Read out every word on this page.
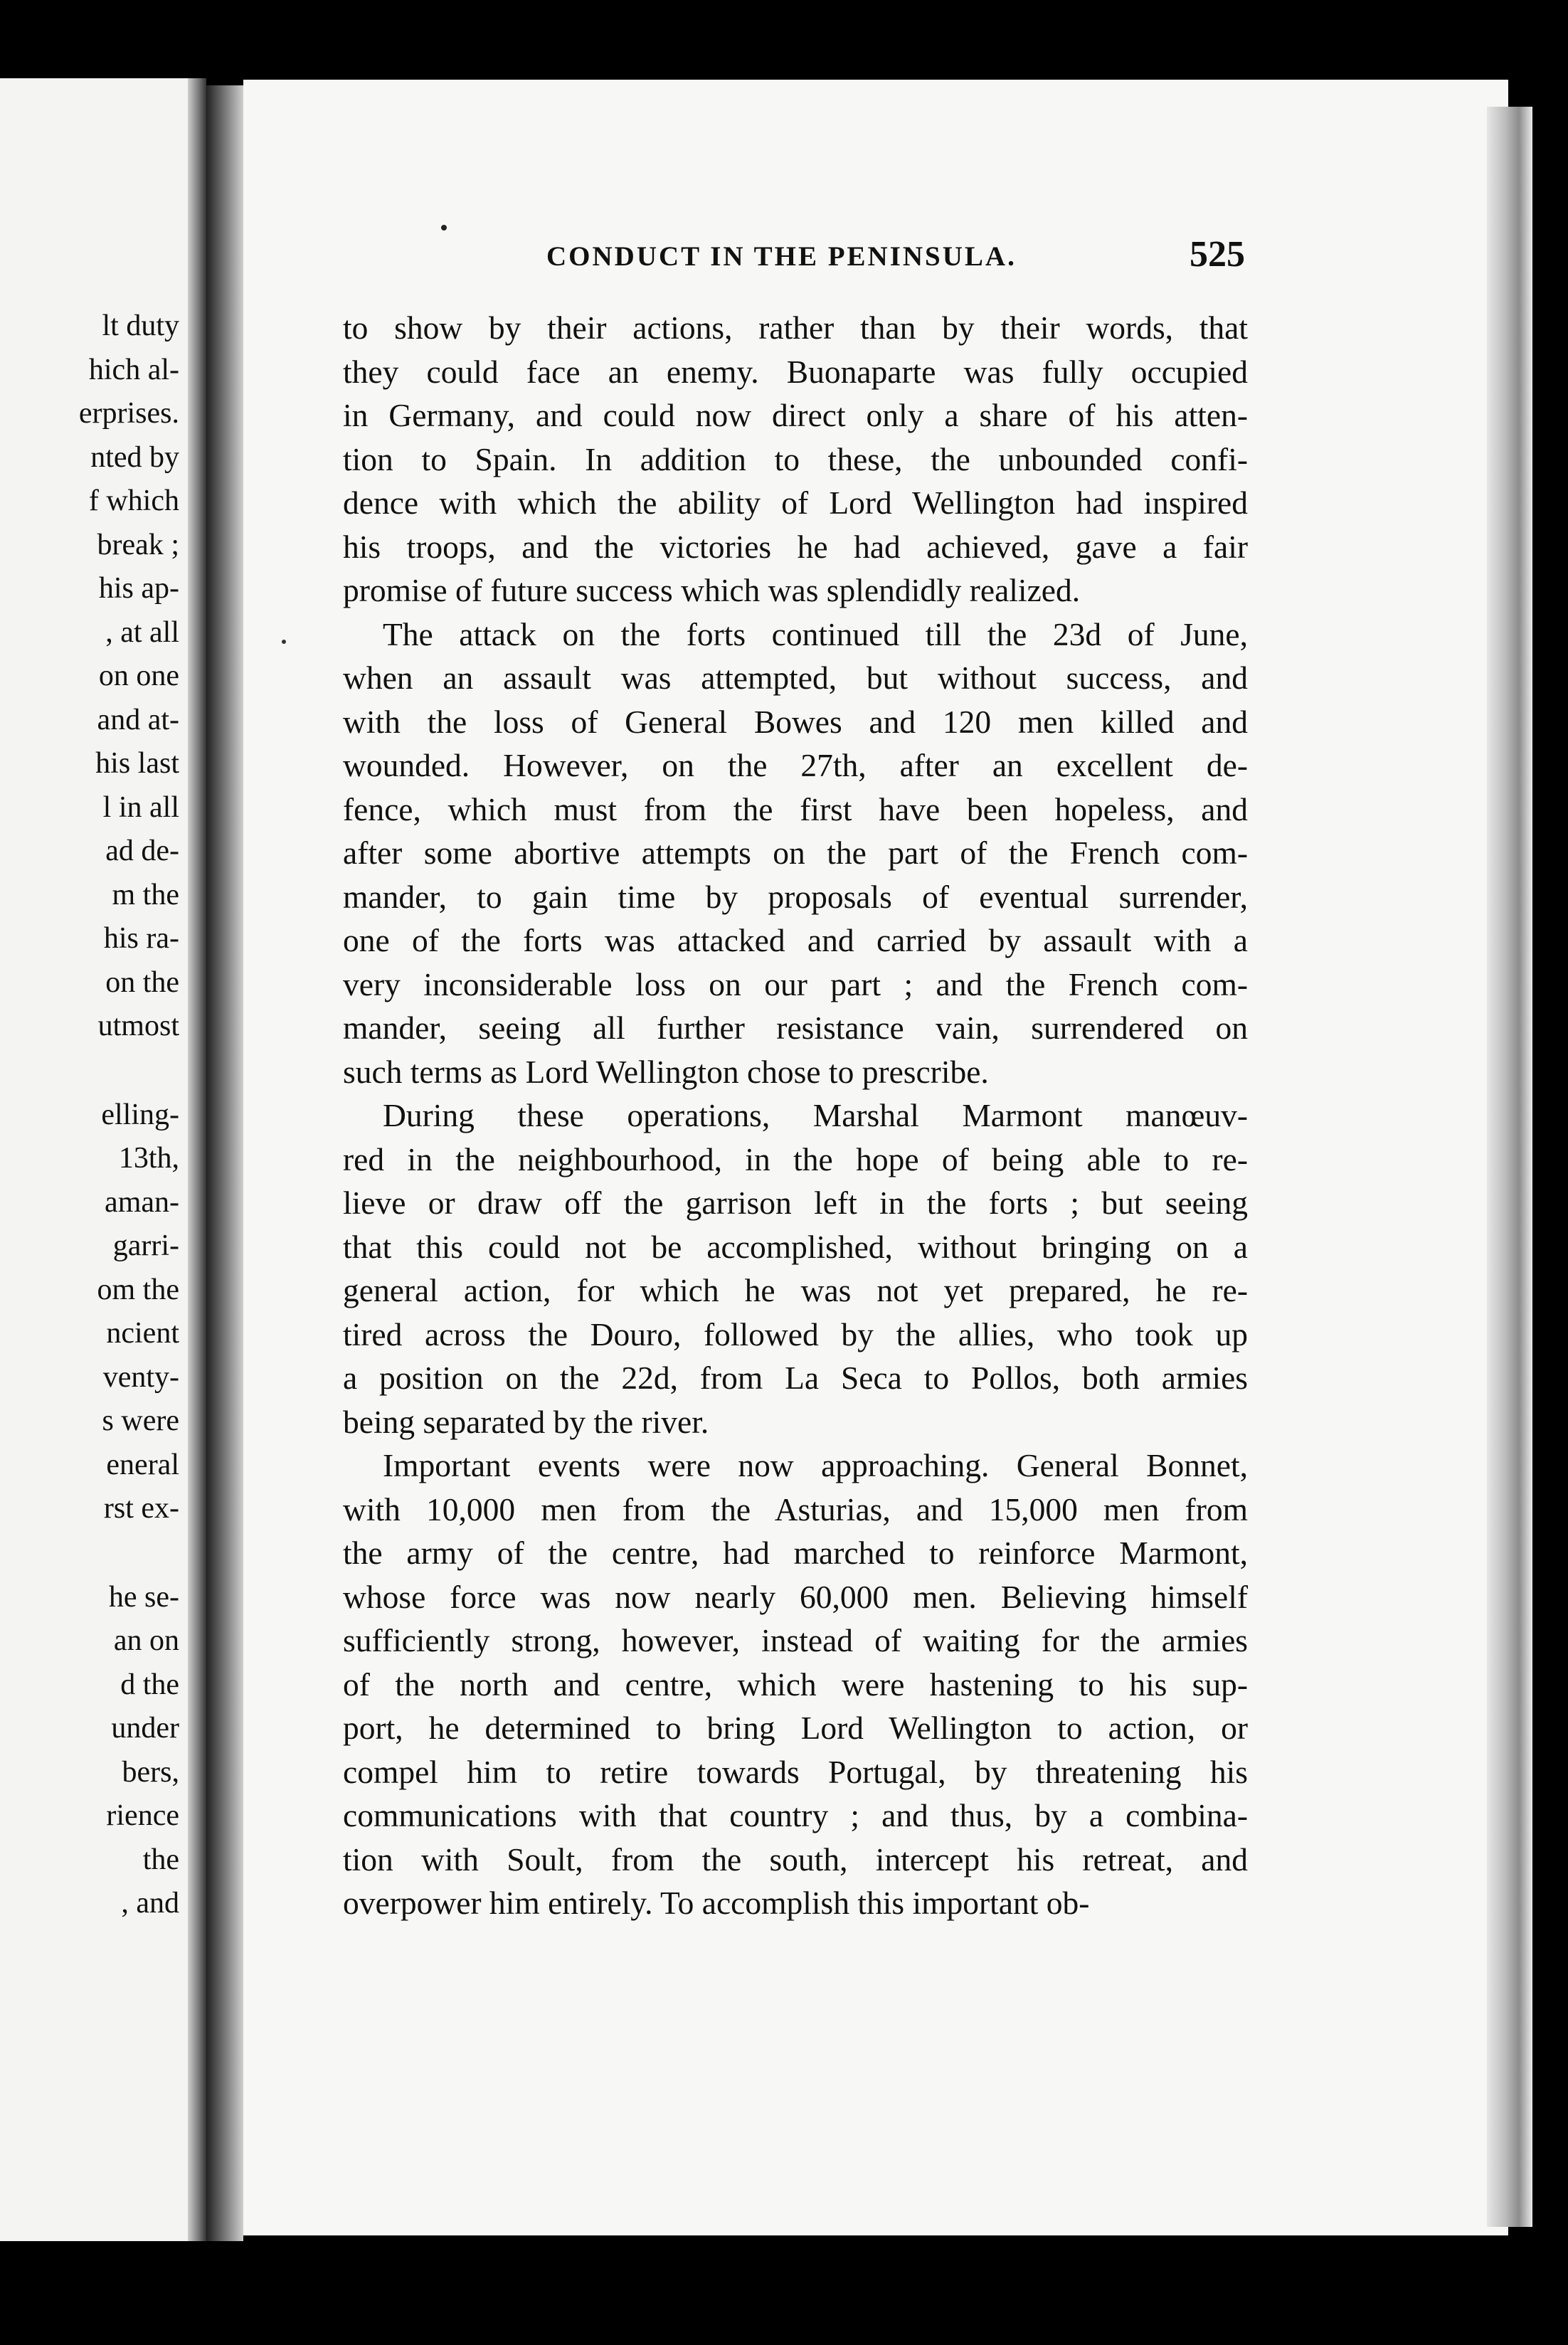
lt duty
hich al-
erprises.
nted by
f which
break ;
his ap-
, at all
on one
and at-
his last
l in all
ad de-
m the
his ra-
on the
utmost
elling-
13th,
aman-
garri-
om the
ncient
venty-
s were
eneral
rst ex-
he se-
an on
d the
under
bers,
rience
the
, and
CONDUCT IN THE PENINSULA.	525
to show by their actions, rather than by their words, that
they could face an enemy. Buonaparte was fully occupied
in Germany, and could now direct only a share of his atten-
tion to Spain. In addition to these, the unbounded confi-
dence with which the ability of Lord Wellington had inspired
his troops, and the victories he had achieved, gave a fair
promise of future success which was splendidly realized.
The attack on the forts continued till the 23d of June,
when an assault was attempted, but without success, and
with the loss of General Bowes and 120 men killed and
wounded. However, on the 27th, after an excellent de-
fence, which must from the first have been hopeless, and
after some abortive attempts on the part of the French com-
mander, to gain time by proposals of eventual surrender,
one of the forts was attacked and carried by assault with a
very inconsiderable loss on our part ; and the French com-
mander, seeing all further resistance vain, surrendered on
such terms as Lord Wellington chose to prescribe.
During these operations, Marshal Marmont manœuv-
red in the neighbourhood, in the hope of being able to re-
lieve or draw off the garrison left in the forts ; but seeing
that this could not be accomplished, without bringing on a
general action, for which he was not yet prepared, he re-
tired across the Douro, followed by the allies, who took up
a position on the 22d, from La Seca to Pollos, both armies
being separated by the river.
Important events were now approaching. General Bonnet,
with 10,000 men from the Asturias, and 15,000 men from
the army of the centre, had marched to reinforce Marmont,
whose force was now nearly 60,000 men. Believing himself
sufficiently strong, however, instead of waiting for the armies
of the north and centre, which were hastening to his sup-
port, he determined to bring Lord Wellington to action, or
compel him to retire towards Portugal, by threatening his
communications with that country ; and thus, by a combina-
tion with Soult, from the south, intercept his retreat, and
overpower him entirely. To accomplish this important ob-
